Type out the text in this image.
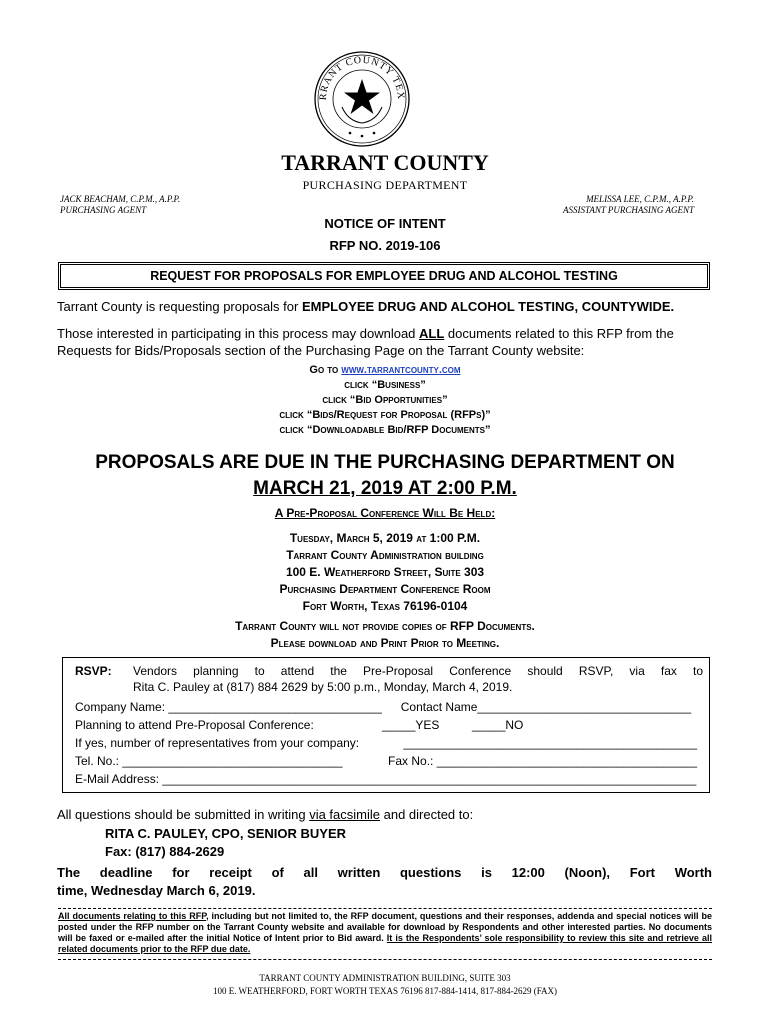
RRANT COUNTY TEX
TARRANT COUNTY
PURCHASING DEPARTMENT
JACK BEACHAM, C.P.M., A.P.P.
PURCHASING AGENT
MELISSA LEE, C.P.M., A.P.P.
ASSISTANT PURCHASING AGENT
NOTICE OF INTENT
RFP NO. 2019-106
REQUEST FOR PROPOSALS FOR EMPLOYEE DRUG AND ALCOHOL TESTING
Tarrant County is requesting proposals for EMPLOYEE DRUG AND ALCOHOL TESTING, COUNTYWIDE.
Those interested in participating in this process may download ALL documents related to this RFP from the Requests for Bids/Proposals section of the Purchasing Page on the Tarrant County website:
Go to www.tarrantcounty.com
click “Business”
click “Bid Opportunities”
click “Bids/Request for Proposal (RFPs)”
click “Downloadable Bid/RFP Documents”
PROPOSALS ARE DUE IN THE PURCHASING DEPARTMENT ON
MARCH 21, 2019 AT 2:00 P.M.
A Pre-Proposal Conference Will Be Held:
Tuesday, March 5, 2019 at 1:00 P.M.
Tarrant County Administration building
100 E. Weatherford Street, Suite 303
Purchasing Department Conference Room
Fort Worth, Texas 76196-0104
Tarrant County will not provide copies of RFP Documents.
Please download and Print Prior to Meeting.
RSVP:	Vendors planning to attend the Pre-Proposal Conference should RSVP, via fax to
Rita C. Pauley at (817) 884 2629 by 5:00 p.m., Monday, March 4, 2019.
Company Name: ________________________________ Contact Name________________________________
Planning to attend Pre-Proposal Conference:	_____YES	_____NO
If yes, number of representatives from your company:	____________________________________________
Tel. No.: _________________________________	Fax No.: _______________________________________
E-Mail Address: ________________________________________________________________________________
All questions should be submitted in writing via facsimile and directed to:
RITA C. PAULEY, CPO, SENIOR BUYER
Fax: (817) 884-2629
The deadline for receipt of all written questions is 12:00 (Noon), Fort Worth
time, Wednesday March 6, 2019.
All documents relating to this RFP, including but not limited to, the RFP document, questions and their responses, addenda and special notices will be posted under the RFP number on the Tarrant County website and available for download by Respondents and other interested parties. No documents will be faxed or e-mailed after the initial Notice of Intent prior to Bid award. It is the Respondents’ sole responsibility to review this site and retrieve all related documents prior to the RFP due date.
TARRANT COUNTY ADMINISTRATION BUILDING, SUITE 303
100 E. WEATHERFORD, FORT WORTH TEXAS 76196 817-884-1414, 817-884-2629 (FAX)
